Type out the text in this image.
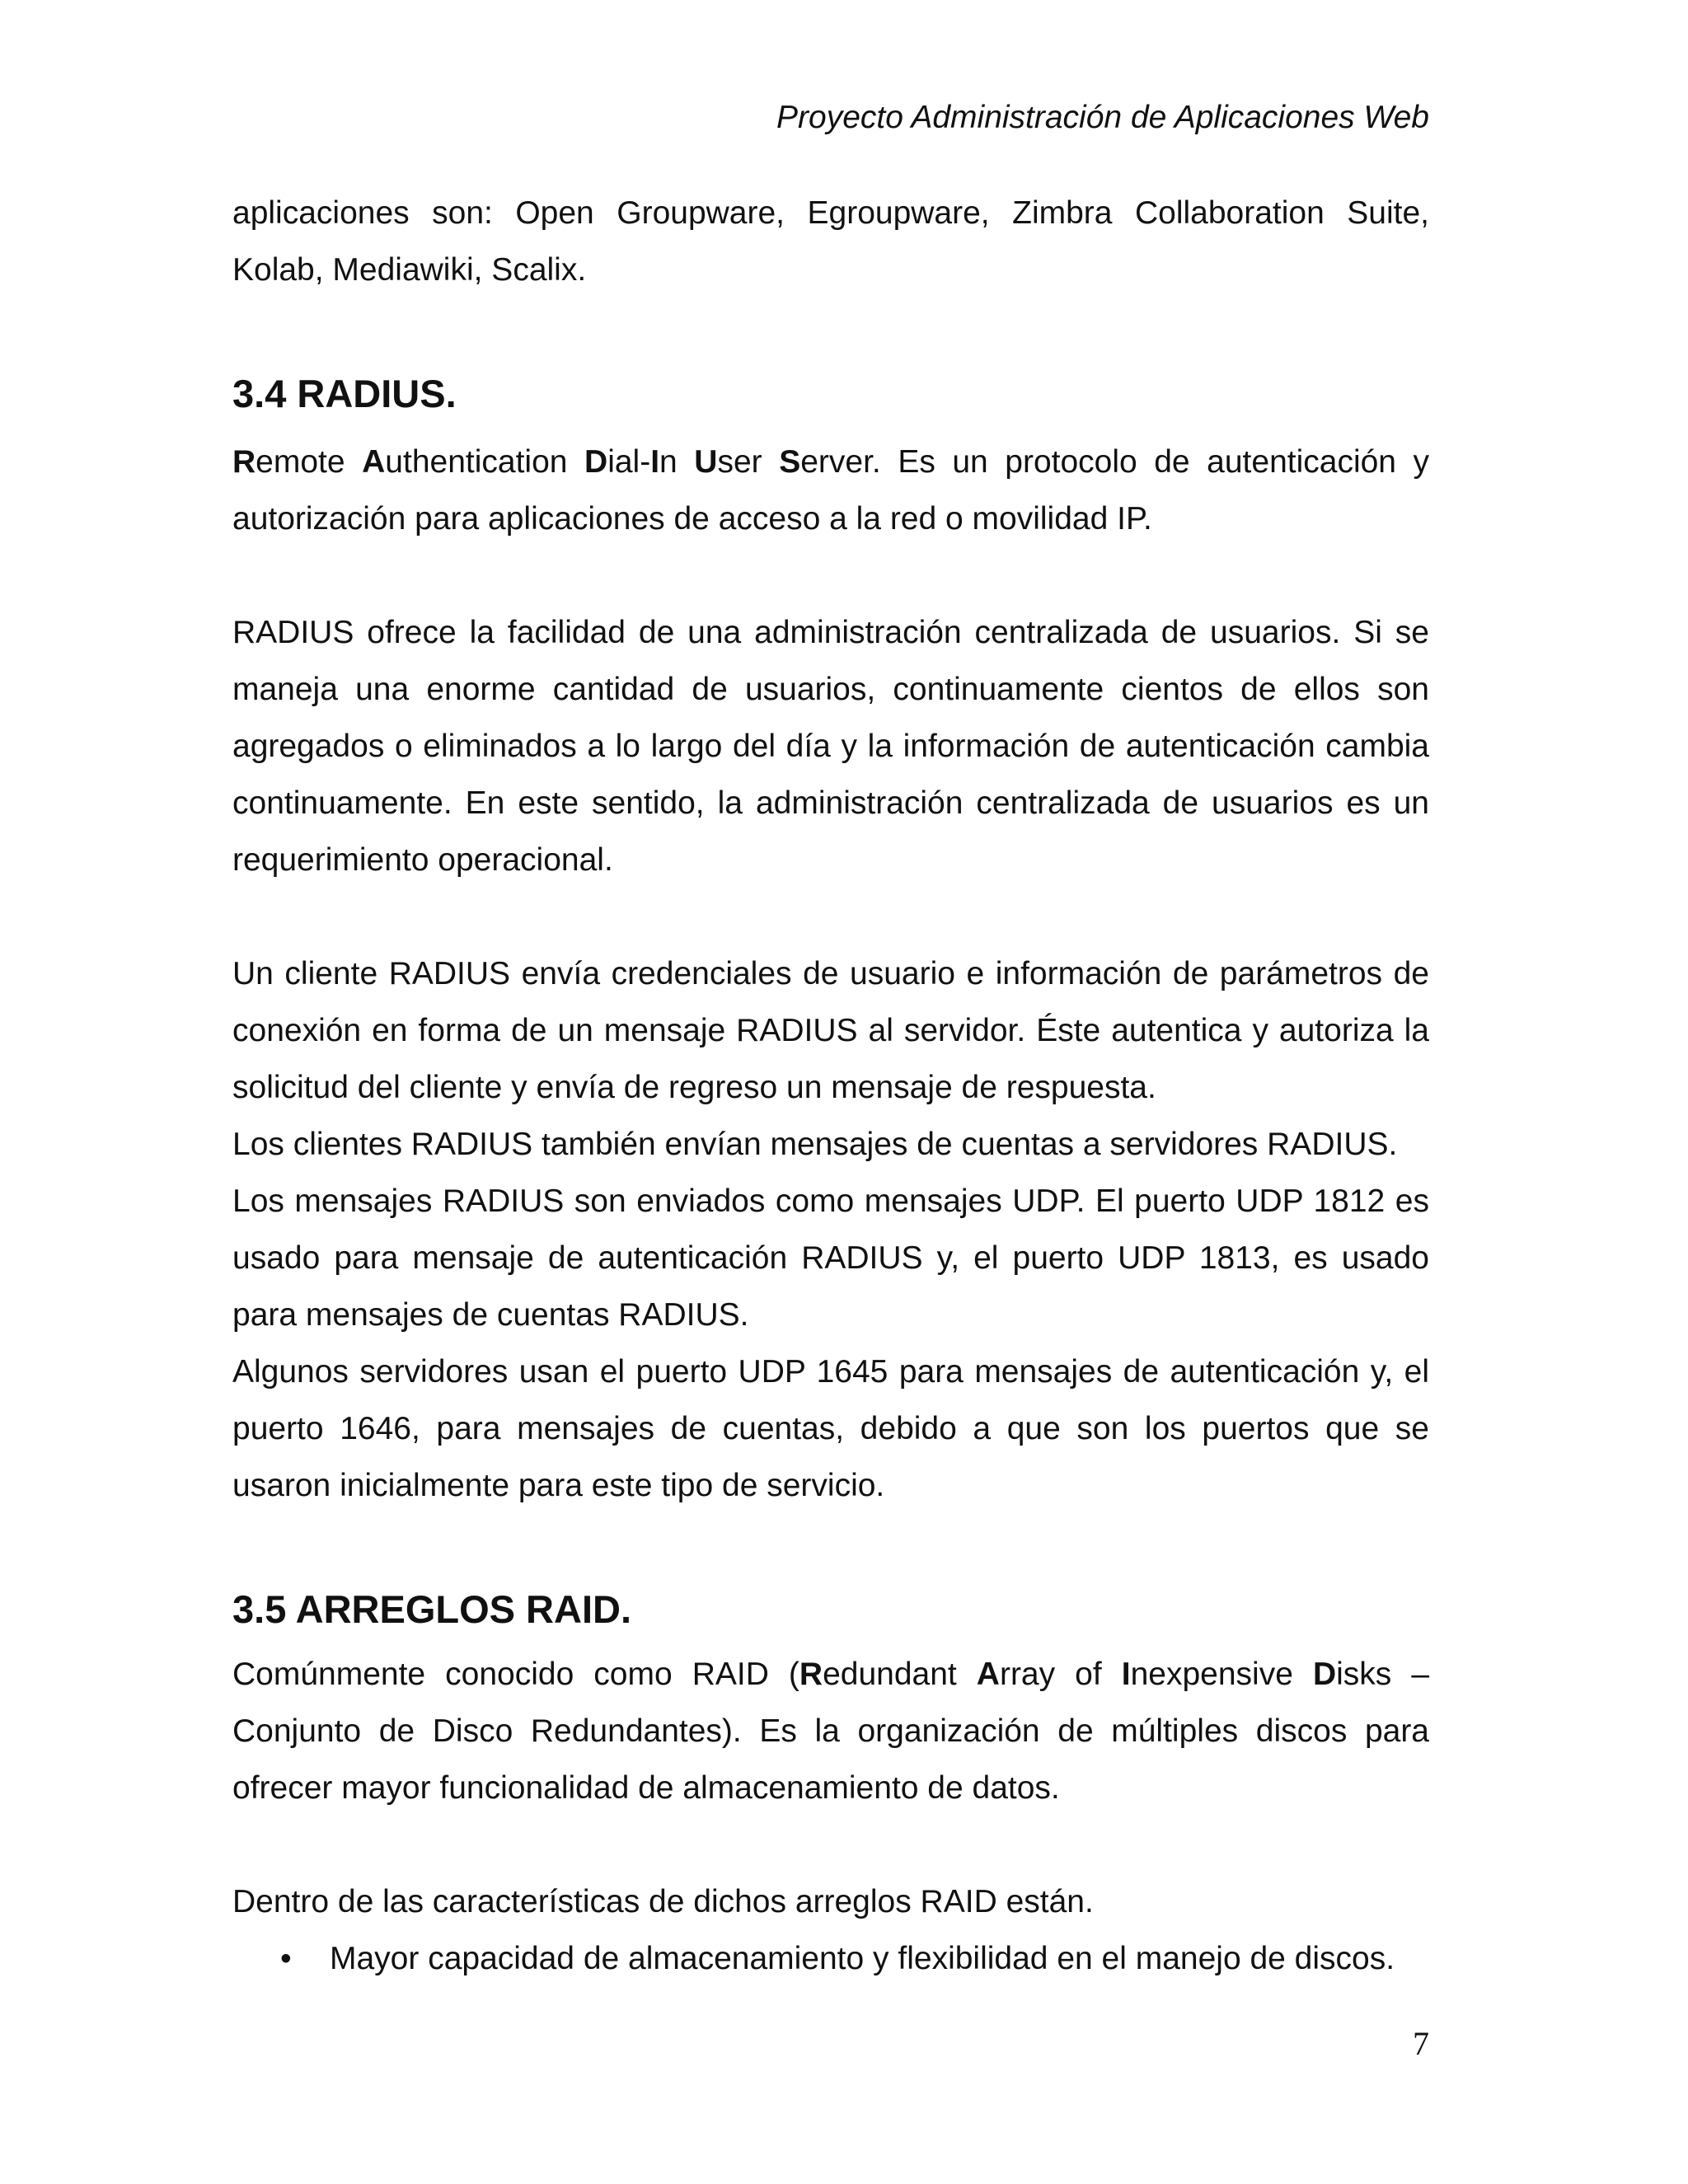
Proyecto Administración de Aplicaciones Web

aplicaciones son: Open Groupware, Egroupware, Zimbra Collaboration Suite, Kolab, Mediawiki, Scalix.

3.4 RADIUS.

Remote Authentication Dial-In User Server. Es un protocolo de autenticación y autorización para aplicaciones de acceso a la red o movilidad IP.

RADIUS ofrece la facilidad de una administración centralizada de usuarios. Si se maneja una enorme cantidad de usuarios, continuamente cientos de ellos son agregados o eliminados a lo largo del día y la información de autenticación cambia continuamente. En este sentido, la administración centralizada de usuarios es un requerimiento operacional.

Un cliente RADIUS envía credenciales de usuario e información de parámetros de conexión en forma de un mensaje RADIUS al servidor. Éste autentica y autoriza la solicitud del cliente y envía de regreso un mensaje de respuesta.

Los clientes RADIUS también envían mensajes de cuentas a servidores RADIUS.

Los mensajes RADIUS son enviados como mensajes UDP. El puerto UDP 1812 es usado para mensaje de autenticación RADIUS y, el puerto UDP 1813, es usado para mensajes de cuentas RADIUS.

Algunos servidores usan el puerto UDP 1645 para mensajes de autenticación y, el puerto 1646, para mensajes de cuentas, debido a que son los puertos que se usaron inicialmente para este tipo de servicio.

3.5 ARREGLOS RAID.

Comúnmente conocido como RAID (Redundant Array of Inexpensive Disks – Conjunto de Disco Redundantes). Es la organización de múltiples discos para ofrecer mayor funcionalidad de almacenamiento de datos.

Dentro de las características de dichos arreglos RAID están.

• Mayor capacidad de almacenamiento y flexibilidad en el manejo de discos.
7
